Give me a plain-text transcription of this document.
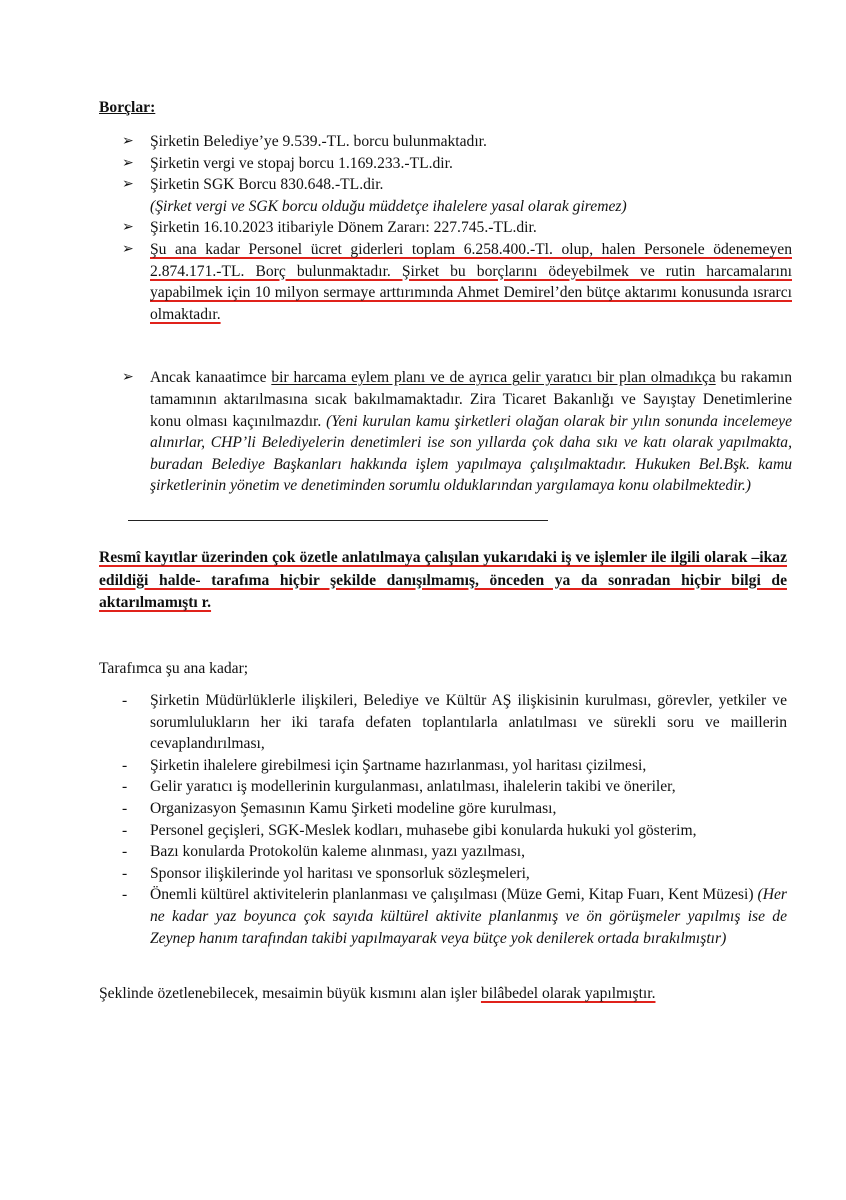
Borçlar:
➢ Şirketin Belediye’ye 9.539.-TL. borcu bulunmaktadır.
➢ Şirketin vergi ve stopaj borcu 1.169.233.-TL.dir.
➢ Şirketin SGK Borcu 830.648.-TL.dir.
(Şirket vergi ve SGK borcu olduğu müddetçe ihalelere yasal olarak giremez)
➢ Şirketin 16.10.2023 itibariyle Dönem Zararı: 227.745.-TL.dir.
➢ Şu ana kadar Personel ücret giderleri toplam 6.258.400.-Tl. olup, halen Personele ödenemeyen 2.874.171.-TL. Borç bulunmaktadır. Şirket bu borçlarını ödeyebilmek ve rutin harcamalarını yapabilmek için 10 milyon sermaye arttırımında Ahmet Demirel’den bütçe aktarımı konusunda ısrarcı olmaktadır.
➢ Ancak kanaatimce bir harcama eylem planı ve de ayrıca gelir yaratıcı bir plan olmadıkça bu rakamın tamamının aktarılmasına sıcak bakılmamaktadır. Zira Ticaret Bakanlığı ve Sayıştay Denetimlerine konu olması kaçınılmazdır. (Yeni kurulan kamu şirketleri olağan olarak bir yılın sonunda incelemeye alınırlar, CHP’li Belediyelerin denetimleri ise son yıllarda çok daha sıkı ve katı olarak yapılmakta, buradan Belediye Başkanları hakkında işlem yapılmaya çalışılmaktadır. Hukuken Bel.Bşk. kamu şirketlerinin yönetim ve denetiminden sorumlu olduklarından yargılamaya konu olabilmektedir.)
Resmî kayıtlar üzerinden çok özetle anlatılmaya çalışılan yukarıdaki iş ve işlemler ile ilgili olarak –ikaz edildiği halde- tarafıma hiçbir şekilde danışılmamış, önceden ya da sonradan hiçbir bilgi de aktarılmamıştı r.
Tarafımca şu ana kadar;
- Şirketin Müdürlüklerle ilişkileri, Belediye ve Kültür AŞ ilişkisinin kurulması, görevler, yetkiler ve sorumlulukların her iki tarafa defaten toplantılarla anlatılması ve sürekli soru ve maillerin cevaplandırılması,
- Şirketin ihalelere girebilmesi için Şartname hazırlanması, yol haritası çizilmesi,
- Gelir yaratıcı iş modellerinin kurgulanması, anlatılması, ihalelerin takibi ve öneriler,
- Organizasyon Şemasının Kamu Şirketi modeline göre kurulması,
- Personel geçişleri, SGK-Meslek kodları, muhasebe gibi konularda hukuki yol gösterim,
- Bazı konularda Protokolün kaleme alınması, yazı yazılması,
- Sponsor ilişkilerinde yol haritası ve sponsorluk sözleşmeleri,
- Önemli kültürel aktivitelerin planlanması ve çalışılması (Müze Gemi, Kitap Fuarı, Kent Müzesi) (Her ne kadar yaz boyunca çok sayıda kültürel aktivite planlanmış ve ön görüşmeler yapılmış ise de Zeynep hanım tarafından takibi yapılmayarak veya bütçe yok denilerek ortada bırakılmıştır)
Şeklinde özetlenebilecek, mesaimin büyük kısmını alan işler bilâbedel olarak yapılmıştır.
